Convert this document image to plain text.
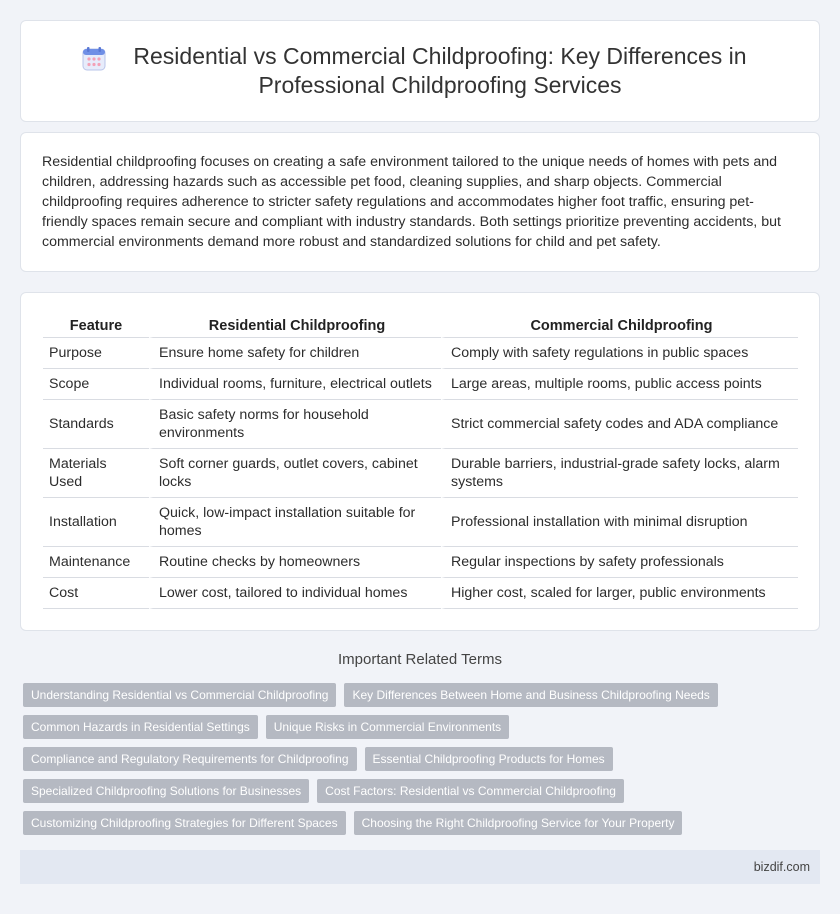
Residential vs Commercial Childproofing: Key Differences in Professional Childproofing Services

Residential childproofing focuses on creating a safe environment tailored to the unique needs of homes with pets and children, addressing hazards such as accessible pet food, cleaning supplies, and sharp objects. Commercial childproofing requires adherence to stricter safety regulations and accommodates higher foot traffic, ensuring pet-friendly spaces remain secure and compliant with industry standards. Both settings prioritize preventing accidents, but commercial environments demand more robust and standardized solutions for child and pet safety.

Feature	Residential Childproofing	Commercial Childproofing
Purpose	Ensure home safety for children	Comply with safety regulations in public spaces
Scope	Individual rooms, furniture, electrical outlets	Large areas, multiple rooms, public access points
Standards	Basic safety norms for household environments	Strict commercial safety codes and ADA compliance
Materials Used	Soft corner guards, outlet covers, cabinet locks	Durable barriers, industrial-grade safety locks, alarm systems
Installation	Quick, low-impact installation suitable for homes	Professional installation with minimal disruption
Maintenance	Routine checks by homeowners	Regular inspections by safety professionals
Cost	Lower cost, tailored to individual homes	Higher cost, scaled for larger, public environments
Important Related Terms
Understanding Residential vs Commercial Childproofing	Key Differences Between Home and Business Childproofing Needs
Common Hazards in Residential Settings	Unique Risks in Commercial Environments
Compliance and Regulatory Requirements for Childproofing	Essential Childproofing Products for Homes
Specialized Childproofing Solutions for Businesses	Cost Factors: Residential vs Commercial Childproofing
Customizing Childproofing Strategies for Different Spaces	Choosing the Right Childproofing Service for Your Property
bizdif.com
